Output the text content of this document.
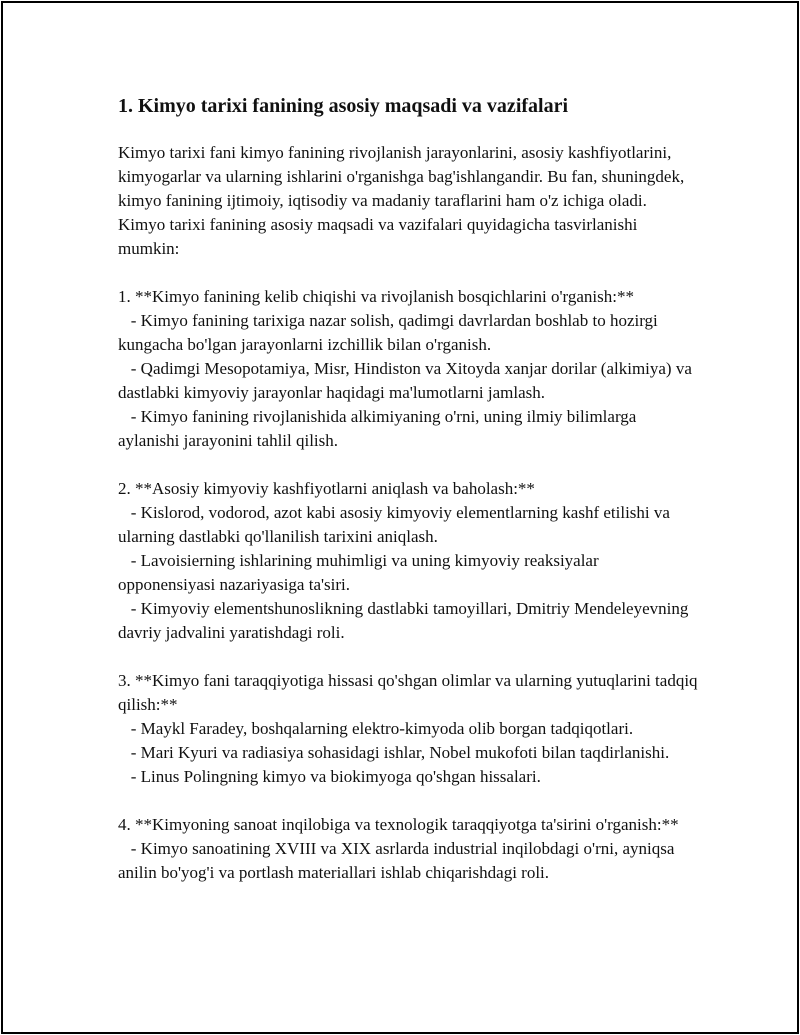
1. Kimyo tarixi fanining asosiy maqsadi va vazifalari

Kimyo tarixi fani kimyo fanining rivojlanish jarayonlarini, asosiy kashfiyotlarini, kimyogarlar va ularning ishlarini o'rganishga bag'ishlangandir. Bu fan, shuningdek, kimyo fanining ijtimoiy, iqtisodiy va madaniy taraflarini ham o'z ichiga oladi. Kimyo tarixi fanining asosiy maqsadi va vazifalari quyidagicha tasvirlanishi mumkin:

1. **Kimyo fanining kelib chiqishi va rivojlanish bosqichlarini o'rganish:**

- Kimyo fanining tarixiga nazar solish, qadimgi davrlardan boshlab to hozirgi kungacha bo'lgan jarayonlarni izchillik bilan o'rganish.

- Qadimgi Mesopotamiya, Misr, Hindiston va Xitoyda xanjar dorilar (alkimiya) va dastlabki kimyoviy jarayonlar haqidagi ma'lumotlarni jamlash.

- Kimyo fanining rivojlanishida alkimiyaning o'rni, uning ilmiy bilimlarga aylanishi jarayonini tahlil qilish.

2. **Asosiy kimyoviy kashfiyotlarni aniqlash va baholash:**

- Kislorod, vodorod, azot kabi asosiy kimyoviy elementlarning kashf etilishi va ularning dastlabki qo'llanilish tarixini aniqlash.

- Lavoisierning ishlarining muhimligi va uning kimyoviy reaksiyalar opponensiyasi nazariyasiga ta'siri.

- Kimyoviy elementshunoslikning dastlabki tamoyillari, Dmitriy Mendeleyevning davriy jadvalini yaratishdagi roli.

3. **Kimyo fani taraqqiyotiga hissasi qo'shgan olimlar va ularning yutuqlarini tadqiq qilish:**

- Maykl Faradey, boshqalarning elektro-kimyoda olib borgan tadqiqotlari.

- Mari Kyuri va radiasiya sohasidagi ishlar, Nobel mukofoti bilan taqdirlanishi.

- Linus Polingning kimyo va biokimyoga qo'shgan hissalari.

4. **Kimyoning sanoat inqilobiga va texnologik taraqqiyotga ta'sirini o'rganish:**

- Kimyo sanoatining XVIII va XIX asrlarda industrial inqilobdagi o'rni, ayniqsa anilin bo'yog'i va portlash materiallari ishlab chiqarishdagi roli.
